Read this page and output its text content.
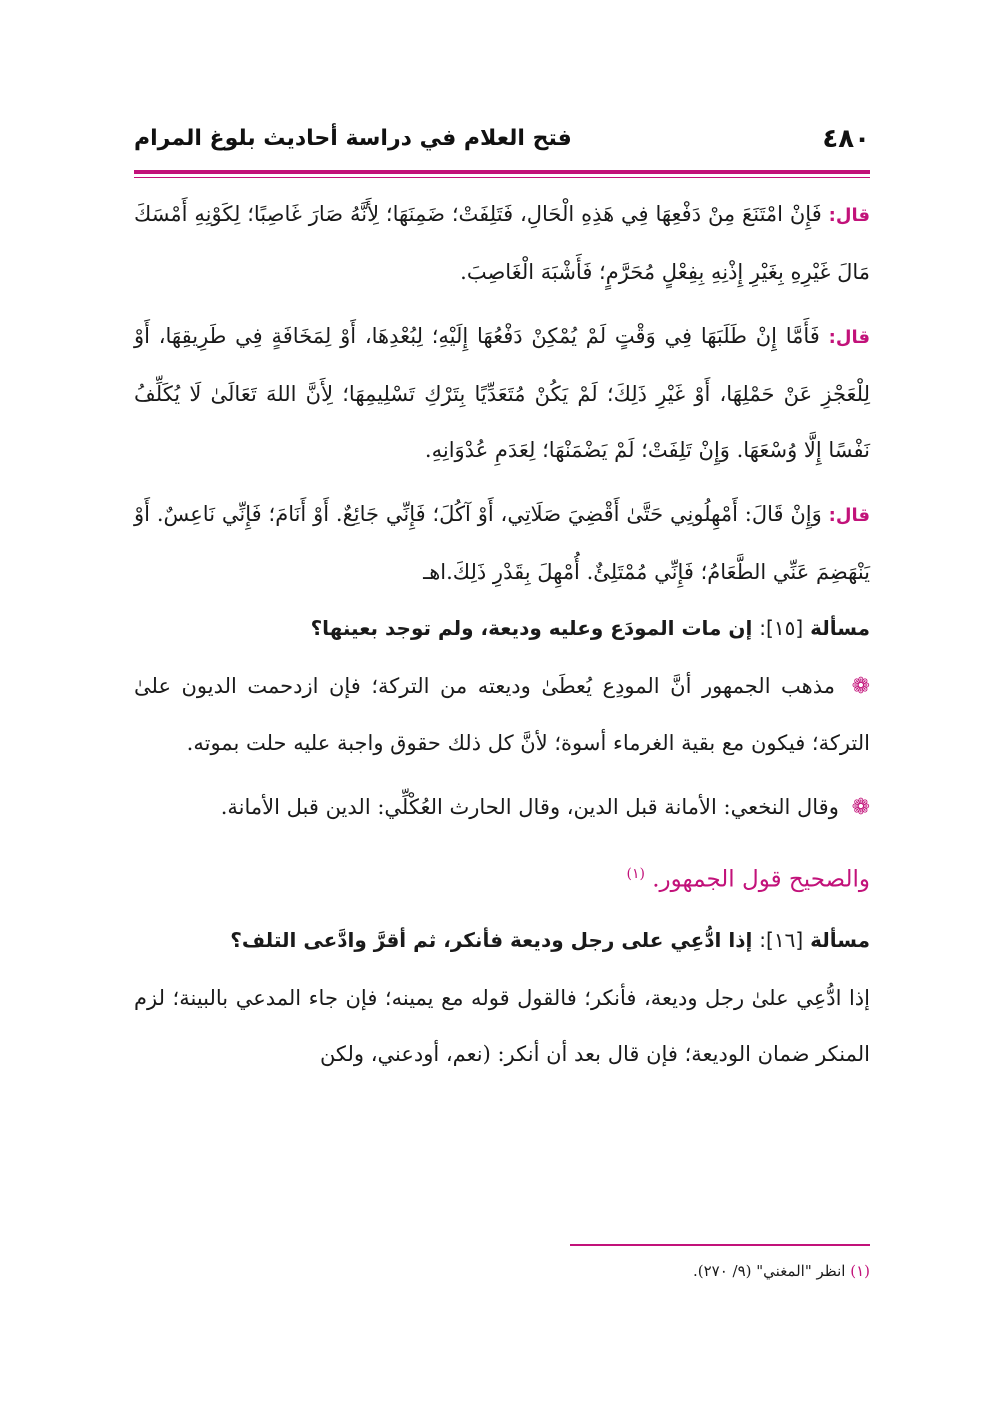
٤٨٠
فتح العلام في دراسة أحاديث بلوغ المرام

قال: فَإِنْ امْتَنَعَ مِنْ دَفْعِهَا فِي هَذِهِ الْحَالِ، فَتَلِفَتْ؛ ضَمِنَهَا؛ لِأَنَّهُ صَارَ غَاصِبًا؛ لِكَوْنِهِ أَمْسَكَ مَالَ غَيْرِهِ بِغَيْرِ إِذْنِهِ بِفِعْلٍ مُحَرَّمٍ؛ فَأَشْبَهَ الْغَاصِبَ.

قال: فَأَمَّا إِنْ طَلَبَهَا فِي وَقْتٍ لَمْ يُمْكِنْ دَفْعُهَا إِلَيْهِ؛ لِبُعْدِهَا، أَوْ لِمَخَافَةٍ فِي طَرِيقِهَا، أَوْ لِلْعَجْزِ عَنْ حَمْلِهَا، أَوْ غَيْرِ ذَلِكَ؛ لَمْ يَكُنْ مُتَعَدِّيًا بِتَرْكِ تَسْلِيمِهَا؛ لِأَنَّ اللهَ تَعَالَىٰ لَا يُكَلِّفُ نَفْسًا إِلَّا وُسْعَهَا. وَإِنْ تَلِفَتْ؛ لَمْ يَضْمَنْهَا؛ لِعَدَمِ عُدْوَانِهِ.

قال: وَإِنْ قَالَ: أَمْهِلُونِي حَتَّىٰ أَقْضِيَ صَلَاتِي، أَوْ آكُلَ؛ فَإِنِّي جَائِعٌ. أَوْ أَنَامَ؛ فَإِنِّي نَاعِسٌ. أَوْ يَنْهَضِمَ عَنِّي الطَّعَامُ؛ فَإِنِّي مُمْتَلِئٌ. أُمْهِلَ بِقَدْرِ ذَلِكَ.اهـ

مسألة [١٥]: إن مات المودَع وعليه وديعة، ولم توجد بعينها؟

❁ مذهب الجمهور أنَّ المودِع يُعطَىٰ وديعته من التركة؛ فإن ازدحمت الديون علىٰ التركة؛ فيكون مع بقية الغرماء أسوة؛ لأنَّ كل ذلك حقوق واجبة عليه حلت بموته.

❁ وقال النخعي: الأمانة قبل الدين، وقال الحارث العُكْلِّي: الدين قبل الأمانة.

والصحيح قول الجمهور. $^{(١)}$

مسألة [١٦]: إذا ادُّعِي على رجل وديعة فأنكر، ثم أقرَّ وادَّعى التلف؟

إذا ادُّعِي علىٰ رجل وديعة، فأنكر؛ فالقول قوله مع يمينه؛ فإن جاء المدعي بالبينة؛ لزم المنكر ضمان الوديعة؛ فإن قال بعد أن أنكر: (نعم، أودعني، ولكن

(١) انظر "المغني" (٩/ ٢٧٠).
